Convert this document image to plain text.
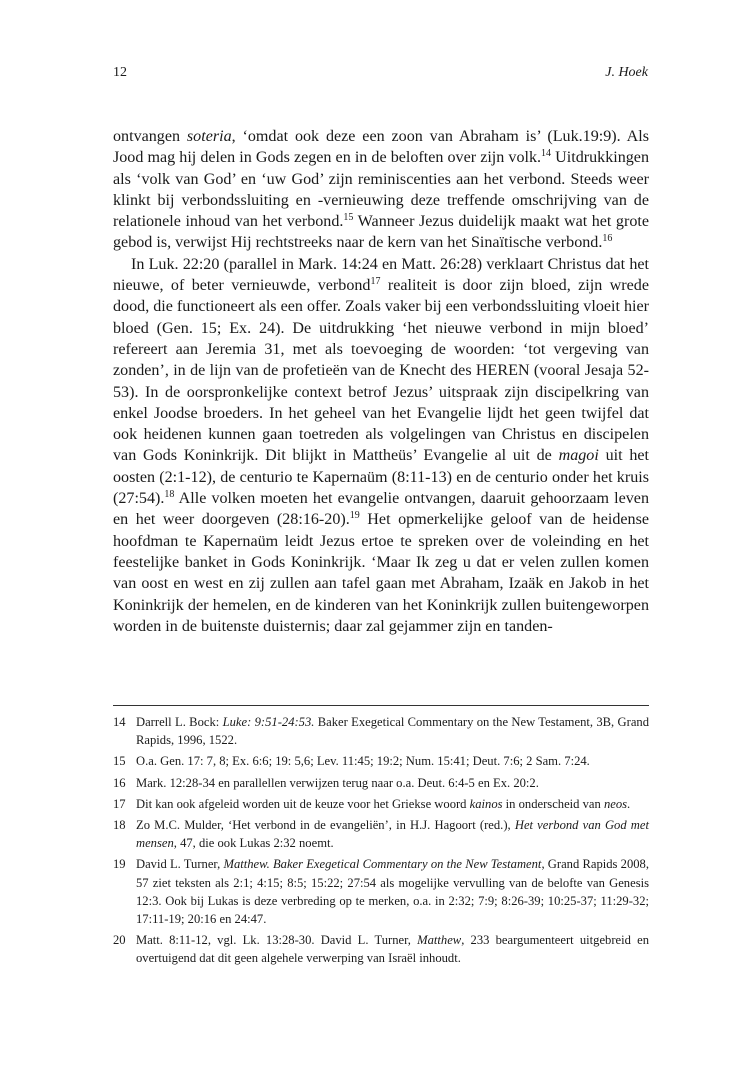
12	J. Hoek

ontvangen soteria, ‘omdat ook deze een zoon van Abraham is’ (Luk.19:9). Als Jood mag hij delen in Gods zegen en in de beloften over zijn volk.$^{14}$ Uitdrukkingen als ‘volk van God’ en ‘uw God’ zijn reminiscenties aan het verbond. Steeds weer klinkt bij verbondssluiting en -vernieuwing deze treffende omschrijving van de relationele inhoud van het verbond.$^{15}$ Wanneer Jezus duidelijk maakt wat het grote gebod is, verwijst Hij rechtstreeks naar de kern van het Sinaïtische verbond.$^{16}$

In Luk. 22:20 (parallel in Mark. 14:24 en Matt. 26:28) verklaart Christus dat het nieuwe, of beter vernieuwde, verbond$^{17}$ realiteit is door zijn bloed, zijn wrede dood, die functioneert als een offer. Zoals vaker bij een verbondssluiting vloeit hier bloed (Gen. 15; Ex. 24). De uitdrukking ‘het nieuwe verbond in mijn bloed’ refereert aan Jeremia 31, met als toevoeging de woorden: ‘tot vergeving van zonden’, in de lijn van de profetieën van de Knecht des HEREN (vooral Jesaja 52-53). In de oorspronkelijke context betrof Jezus’ uitspraak zijn discipelkring van enkel Joodse broeders. In het geheel van het Evangelie lijdt het geen twijfel dat ook heidenen kunnen gaan toetreden als volgelingen van Christus en discipelen van Gods Koninkrijk. Dit blijkt in Mattheüs’ Evangelie al uit de magoi uit het oosten (2:1-12), de centurio te Kapernaüm (8:11-13) en de centurio onder het kruis (27:54).$^{18}$ Alle volken moeten het evangelie ontvangen, daaruit gehoorzaam leven en het weer doorgeven (28:16-20).$^{19}$ Het opmerkelijke geloof van de heidense hoofdman te Kapernaüm leidt Jezus ertoe te spreken over de voleinding en het feestelijke banket in Gods Koninkrijk. ‘Maar Ik zeg u dat er velen zullen komen van oost en west en zij zullen aan tafel gaan met Abraham, Izaäk en Jakob in het Koninkrijk der hemelen, en de kinderen van het Koninkrijk zullen buitengeworpen worden in de buitenste duisternis; daar zal gejammer zijn en tanden-

14 Darrell L. Bock: Luke: 9:51-24:53. Baker Exegetical Commentary on the New Testament, 3B, Grand Rapids, 1996, 1522.
15 O.a. Gen. 17: 7, 8; Ex. 6:6; 19: 5,6; Lev. 11:45; 19:2; Num. 15:41; Deut. 7:6; 2 Sam. 7:24.
16 Mark. 12:28-34 en parallellen verwijzen terug naar o.a. Deut. 6:4-5 en Ex. 20:2.
17 Dit kan ook afgeleid worden uit de keuze voor het Griekse woord kainos in onderscheid van neos.
18 Zo M.C. Mulder, ‘Het verbond in de evangeliën’, in H.J. Hagoort (red.), Het verbond van God met mensen, 47, die ook Lukas 2:32 noemt.
19 David L. Turner, Matthew. Baker Exegetical Commentary on the New Testament, Grand Rapids 2008, 57 ziet teksten als 2:1; 4:15; 8:5; 15:22; 27:54 als mogelijke vervulling van de belofte van Genesis 12:3. Ook bij Lukas is deze verbreding op te merken, o.a. in 2:32; 7:9; 8:26-39; 10:25-37; 11:29-32; 17:11-19; 20:16 en 24:47.
20 Matt. 8:11-12, vgl. Lk. 13:28-30. David L. Turner, Matthew, 233 beargumenteert uitgebreid en overtuigend dat dit geen algehele verwerping van Israël inhoudt.
